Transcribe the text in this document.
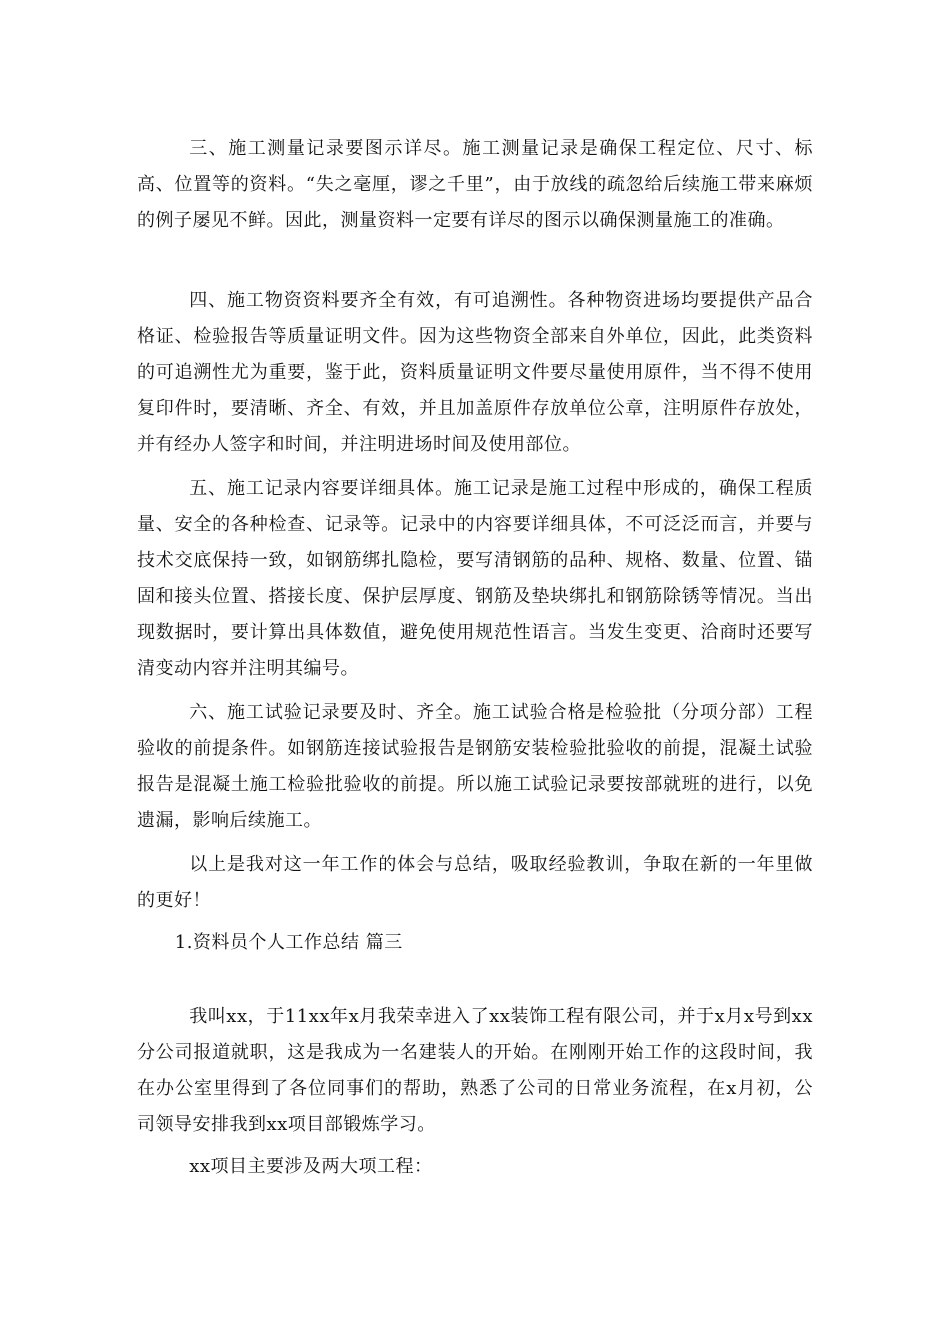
三、施工测量记录要图示详尽。施工测量记录是确保工程定位、尺寸、标高、位置等的资料。“失之毫厘，谬之千里”，由于放线的疏忽给后续施工带来麻烦的例子屡见不鲜。因此，测量资料一定要有详尽的图示以确保测量施工的准确。

四、施工物资资料要齐全有效，有可追溯性。各种物资进场均要提供产品合格证、检验报告等质量证明文件。因为这些物资全部来自外单位，因此，此类资料的可追溯性尤为重要，鉴于此，资料质量证明文件要尽量使用原件，当不得不使用复印件时，要清晰、齐全、有效，并且加盖原件存放单位公章，注明原件存放处，并有经办人签字和时间，并注明进场时间及使用部位。

五、施工记录内容要详细具体。施工记录是施工过程中形成的，确保工程质量、安全的各种检查、记录等。记录中的内容要详细具体，不可泛泛而言，并要与技术交底保持一致，如钢筋绑扎隐检，要写清钢筋的品种、规格、数量、位置、锚固和接头位置、搭接长度、保护层厚度、钢筋及垫块绑扎和钢筋除锈等情况。当出现数据时，要计算出具体数值，避免使用规范性语言。当发生变更、洽商时还要写清变动内容并注明其编号。

六、施工试验记录要及时、齐全。施工试验合格是检验批（分项分部）工程验收的前提条件。如钢筋连接试验报告是钢筋安装检验批验收的前提，混凝土试验报告是混凝土施工检验批验收的前提。所以施工试验记录要按部就班的进行，以免遗漏，影响后续施工。

以上是我对这一年工作的体会与总结，吸取经验教训，争取在新的一年里做的更好！

1.资料员个人工作总结 篇三

我叫xx，于11xx年x月我荣幸进入了xx装饰工程有限公司，并于x月x号到xx分公司报道就职，这是我成为一名建装人的开始。在刚刚开始工作的这段时间，我在办公室里得到了各位同事们的帮助，熟悉了公司的日常业务流程，在x月初，公司领导安排我到xx项目部锻炼学习。

xx项目主要涉及两大项工程：
